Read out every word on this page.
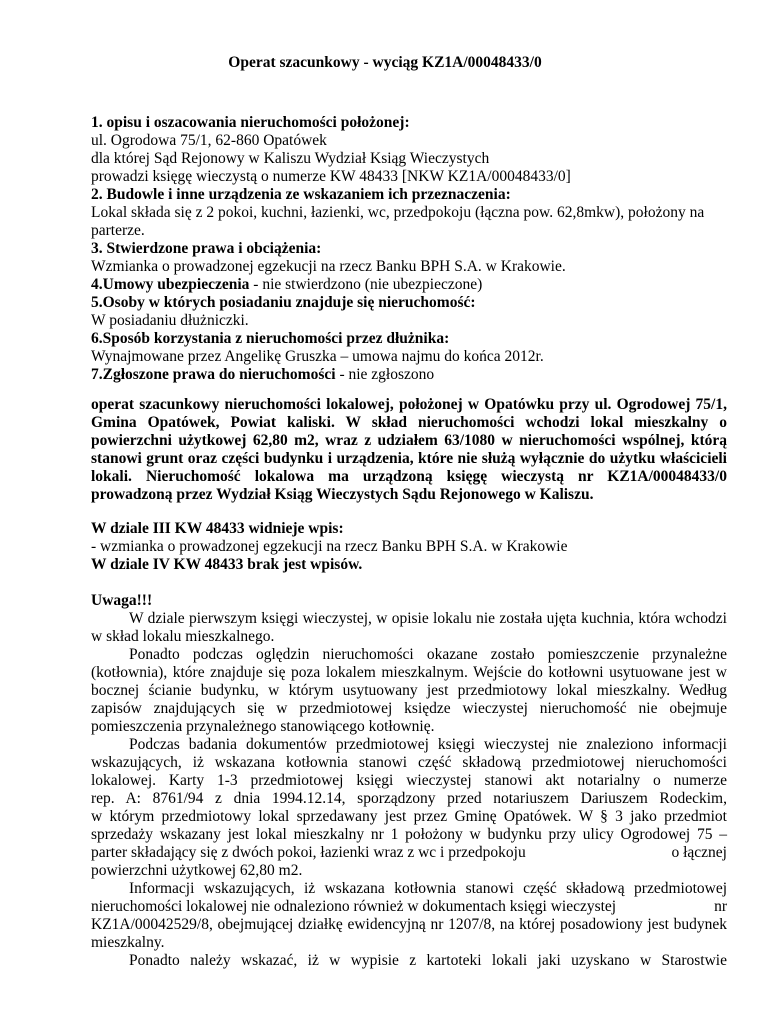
Operat szacunkowy - wyciąg KZ1A/00048433/0

1. opisu i oszacowania nieruchomości położonej:

ul. Ogrodowa 75/1, 62-860 Opatówek

dla której Sąd Rejonowy w Kaliszu Wydział Ksiąg Wieczystych

prowadzi księgę wieczystą o numerze KW 48433 [NKW KZ1A/00048433/0]

2. Budowle i inne urządzenia ze wskazaniem ich przeznaczenia:

Lokal składa się z 2 pokoi, kuchni, łazienki, wc, przedpokoju (łączna pow. 62,8mkw), położony na

parterze.

3. Stwierdzone prawa i obciążenia:

Wzmianka o prowadzonej egzekucji na rzecz Banku BPH S.A. w Krakowie.

4.Umowy ubezpieczenia - nie stwierdzono (nie ubezpieczone)

5.Osoby w których posiadaniu znajduje się nieruchomość:

W posiadaniu dłużniczki.

6.Sposób korzystania z nieruchomości przez dłużnika:

Wynajmowane przez Angelikę Gruszka – umowa najmu do końca 2012r.

7.Zgłoszone prawa do nieruchomości - nie zgłoszono

operat szacunkowy nieruchomości lokalowej, położonej w Opatówku przy ul. Ogrodowej 75/1,

Gmina Opatówek, Powiat kaliski. W skład nieruchomości wchodzi lokal mieszkalny o

powierzchni użytkowej 62,80 m2, wraz z udziałem 63/1080 w nieruchomości wspólnej, którą

stanowi grunt oraz części budynku i urządzenia, które nie służą wyłącznie do użytku właścicieli

lokali. Nieruchomość lokalowa ma urządzoną księgę wieczystą nr KZ1A/00048433/0

prowadzoną przez Wydział Ksiąg Wieczystych Sądu Rejonowego w Kaliszu.

W dziale III KW 48433 widnieje wpis:

- wzmianka o prowadzonej egzekucji na rzecz Banku BPH S.A. w Krakowie

W dziale IV KW 48433 brak jest wpisów.

Uwaga!!!

W dziale pierwszym księgi wieczystej, w opisie lokalu nie została ujęta kuchnia, która wchodzi

w skład lokalu mieszkalnego.

Ponadto podczas oględzin nieruchomości okazane zostało pomieszczenie przynależne

(kotłownia), które znajduje się poza lokalem mieszkalnym. Wejście do kotłowni usytuowane jest w

bocznej ścianie budynku, w którym usytuowany jest przedmiotowy lokal mieszkalny. Według

zapisów znajdujących się w przedmiotowej księdze wieczystej nieruchomość nie obejmuje

pomieszczenia przynależnego stanowiącego kotłownię.

Podczas badania dokumentów przedmiotowej księgi wieczystej nie znaleziono informacji

wskazujących, iż wskazana kotłownia stanowi część składową przedmiotowej nieruchomości

lokalowej. Karty 1-3 przedmiotowej księgi wieczystej stanowi akt notarialny o numerze

rep. A: 8761/94 z dnia 1994.12.14, sporządzony przed notariuszem Dariuszem Rodeckim,

w którym przedmiotowy lokal sprzedawany jest przez Gminę Opatówek. W § 3 jako przedmiot

sprzedaży wskazany jest lokal mieszkalny nr 1 położony w budynku przy ulicy Ogrodowej 75 –

parter składający się z dwóch pokoi, łazienki wraz z wc i przedpokoju	o łącznej

powierzchni użytkowej 62,80 m2.

Informacji wskazujących, iż wskazana kotłownia stanowi część składową przedmiotowej

nieruchomości lokalowej nie odnaleziono również w dokumentach księgi wieczystej	nr

KZ1A/00042529/8, obejmującej działkę ewidencyjną nr 1207/8, na której posadowiony jest budynek

mieszkalny.

Ponadto należy wskazać, iż w wypisie z kartoteki lokali jaki uzyskano w Starostwie
